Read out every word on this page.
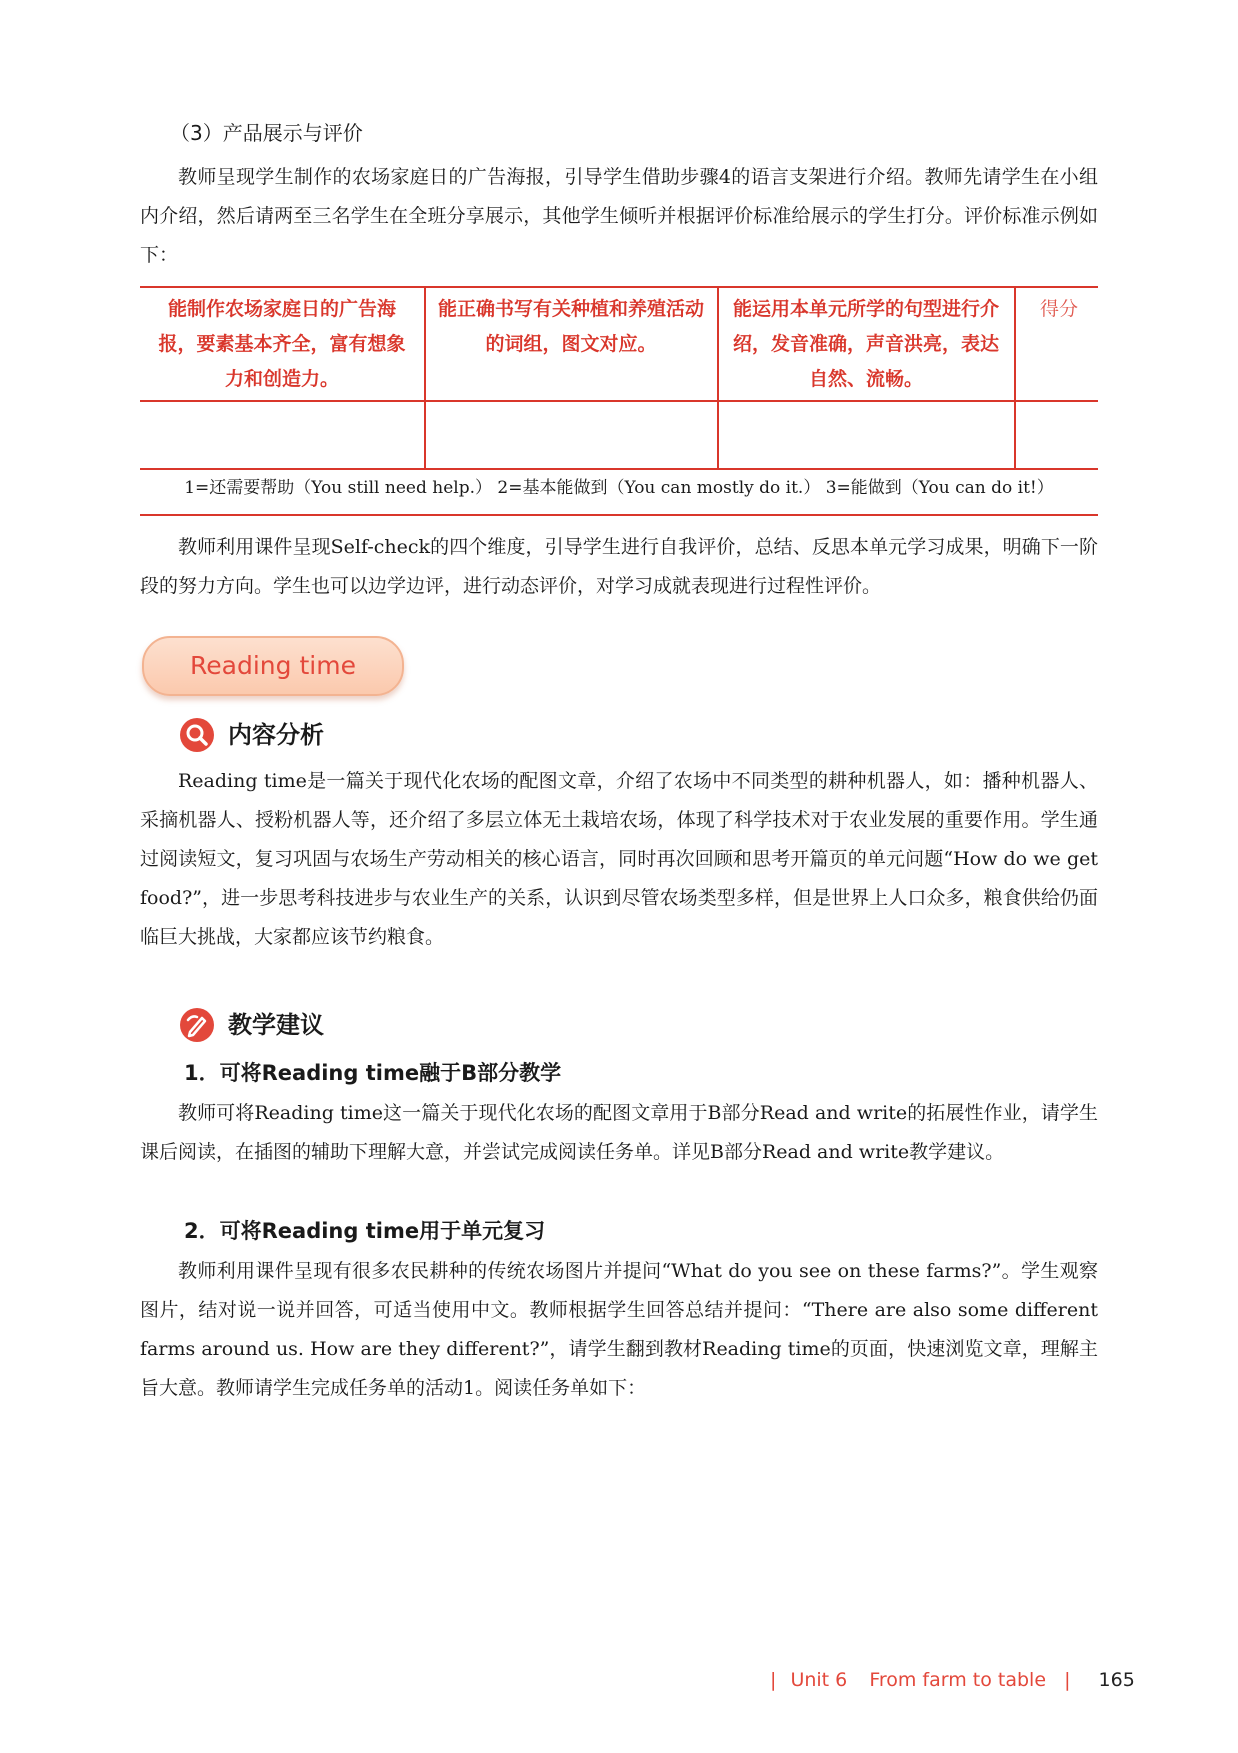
（3）产品展示与评价

教师呈现学生制作的农场家庭日的广告海报，引导学生借助步骤4的语言支架进行介绍。教师先请学生在小组内介绍，然后请两至三名学生在全班分享展示，其他学生倾听并根据评价标准给展示的学生打分。评价标准示例如下：

能制作农场家庭日的广告海报，要素基本齐全，富有想象力和创造力。
能正确书写有关种植和养殖活动的词组，图文对应。
能运用本单元所学的句型进行介绍，发音准确，声音洪亮，表达自然、流畅。
得分
1=还需要帮助（You still need help.） 2=基本能做到（You can mostly do it.） 3=能做到（You can do it!）

教师利用课件呈现Self-check的四个维度，引导学生进行自我评价，总结、反思本单元学习成果，明确下一阶段的努力方向。学生也可以边学边评，进行动态评价，对学习成就表现进行过程性评价。

Reading time
内容分析

Reading time是一篇关于现代化农场的配图文章，介绍了农场中不同类型的耕种机器人，如：播种机器人、采摘机器人、授粉机器人等，还介绍了多层立体无土栽培农场，体现了科学技术对于农业发展的重要作用。学生通过阅读短文，复习巩固与农场生产劳动相关的核心语言，同时再次回顾和思考开篇页的单元问题“How do we get food?”，进一步思考科技进步与农业生产的关系，认识到尽管农场类型多样，但是世界上人口众多，粮食供给仍面临巨大挑战，大家都应该节约粮食。

教学建议
1．可将Reading time融于B部分教学

教师可将Reading time这一篇关于现代化农场的配图文章用于B部分Read and write的拓展性作业，请学生课后阅读，在插图的辅助下理解大意，并尝试完成阅读任务单。详见B部分Read and write教学建议。

2．可将Reading time用于单元复习

教师利用课件呈现有很多农民耕种的传统农场图片并提问“What do you see on these farms?”。学生观察图片，结对说一说并回答，可适当使用中文。教师根据学生回答总结并提问：“There are also some different farms around us. How are they different?”，请学生翻到教材Reading time的页面，快速浏览文章，理解主旨大意。教师请学生完成任务单的活动1。阅读任务单如下：

| Unit 6 From farm to table | 165
